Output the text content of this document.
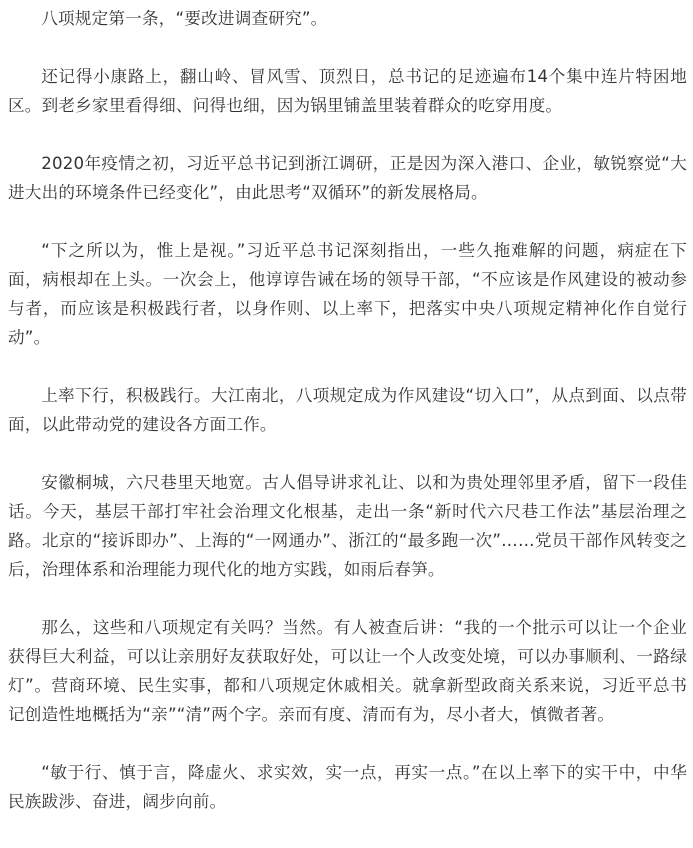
八项规定第一条，“要改进调查研究”。

还记得小康路上，翻山岭、冒风雪、顶烈日，总书记的足迹遍布14个集中连片特困地区。到老乡家里看得细、问得也细，因为锅里铺盖里装着群众的吃穿用度。

2020年疫情之初，习近平总书记到浙江调研，正是因为深入港口、企业，敏锐察觉“大进大出的环境条件已经变化”，由此思考“双循环”的新发展格局。

“下之所以为，惟上是视。”习近平总书记深刻指出，一些久拖难解的问题，病症在下面，病根却在上头。一次会上，他谆谆告诫在场的领导干部，“不应该是作风建设的被动参与者，而应该是积极践行者，以身作则、以上率下，把落实中央八项规定精神化作自觉行动”。

上率下行，积极践行。大江南北，八项规定成为作风建设“切入口”，从点到面、以点带面，以此带动党的建设各方面工作。

安徽桐城，六尺巷里天地宽。古人倡导讲求礼让、以和为贵处理邻里矛盾，留下一段佳话。今天，基层干部打牢社会治理文化根基，走出一条“新时代六尺巷工作法”基层治理之路。北京的“接诉即办”、上海的“一网通办”、浙江的“最多跑一次”……党员干部作风转变之后，治理体系和治理能力现代化的地方实践，如雨后春笋。

那么，这些和八项规定有关吗？当然。有人被查后讲：“我的一个批示可以让一个企业获得巨大利益，可以让亲朋好友获取好处，可以让一个人改变处境，可以办事顺利、一路绿灯”。营商环境、民生实事，都和八项规定休戚相关。就拿新型政商关系来说，习近平总书记创造性地概括为“亲”“清”两个字。亲而有度、清而有为，尽小者大，慎微者著。

“敏于行、慎于言，降虚火、求实效，实一点，再实一点。”在以上率下的实干中，中华民族跋涉、奋进，阔步向前。
